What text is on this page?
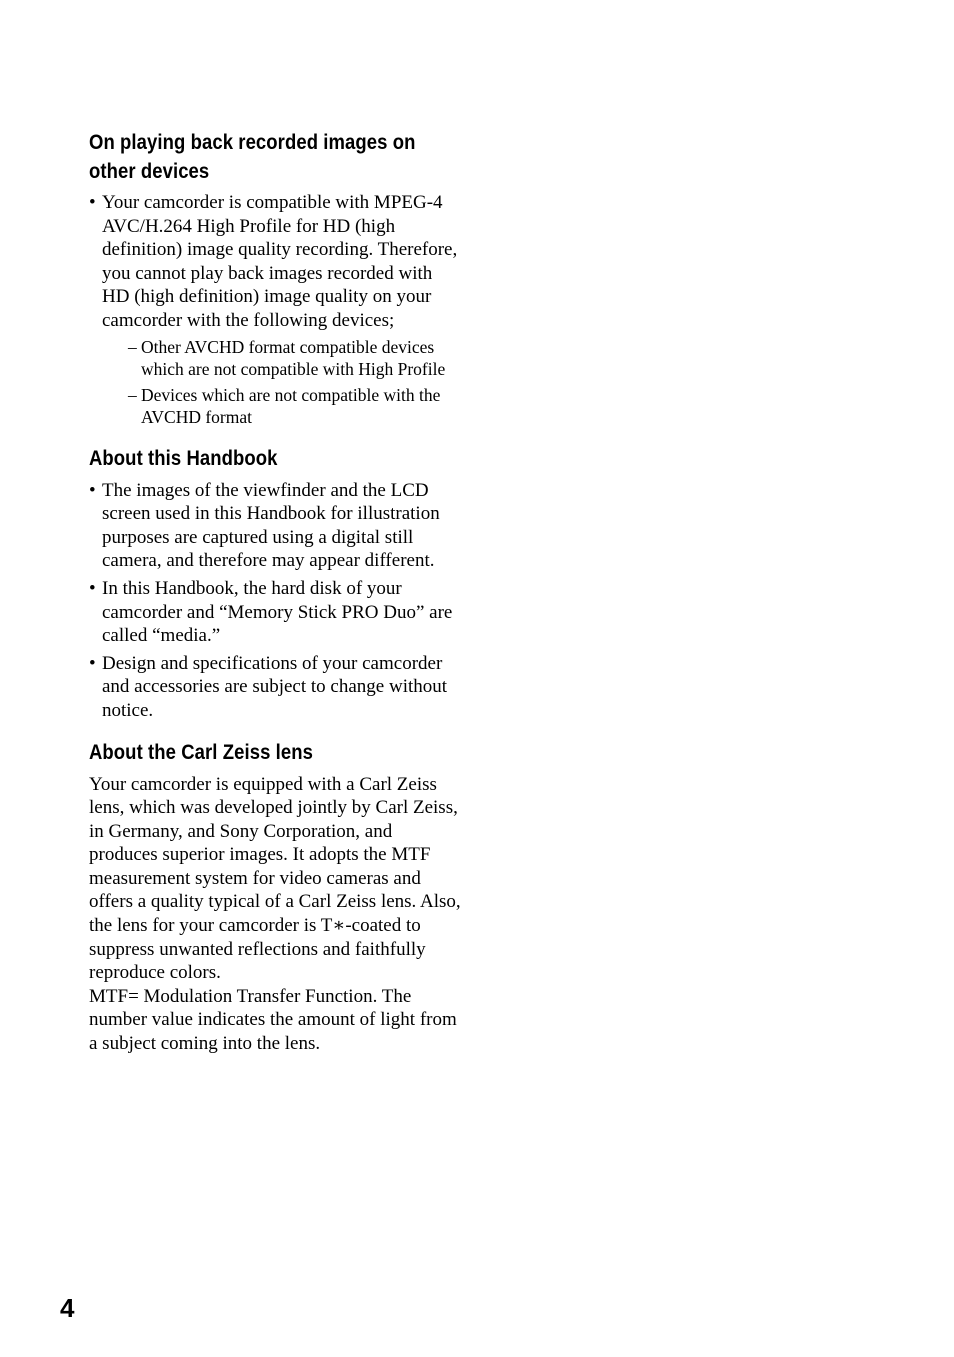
On playing back recorded images on other devices
• Your camcorder is compatible with MPEG-4 AVC/H.264 High Profile for HD (high definition) image quality recording. Therefore, you cannot play back images recorded with HD (high definition) image quality on your camcorder with the following devices;
– Other AVCHD format compatible devices which are not compatible with High Profile
– Devices which are not compatible with the AVCHD format
About this Handbook
• The images of the viewfinder and the LCD screen used in this Handbook for illustration purposes are captured using a digital still camera, and therefore may appear different.
• In this Handbook, the hard disk of your camcorder and “Memory Stick PRO Duo” are called “media.”
• Design and specifications of your camcorder and accessories are subject to change without notice.
About the Carl Zeiss lens

Your camcorder is equipped with a Carl Zeiss lens, which was developed jointly by Carl Zeiss, in Germany, and Sony Corporation, and produces superior images. It adopts the MTF measurement system for video cameras and offers a quality typical of a Carl Zeiss lens. Also, the lens for your camcorder is T∗-coated to suppress unwanted reflections and faithfully reproduce colors.

MTF= Modulation Transfer Function. The number value indicates the amount of light from a subject coming into the lens.

4
